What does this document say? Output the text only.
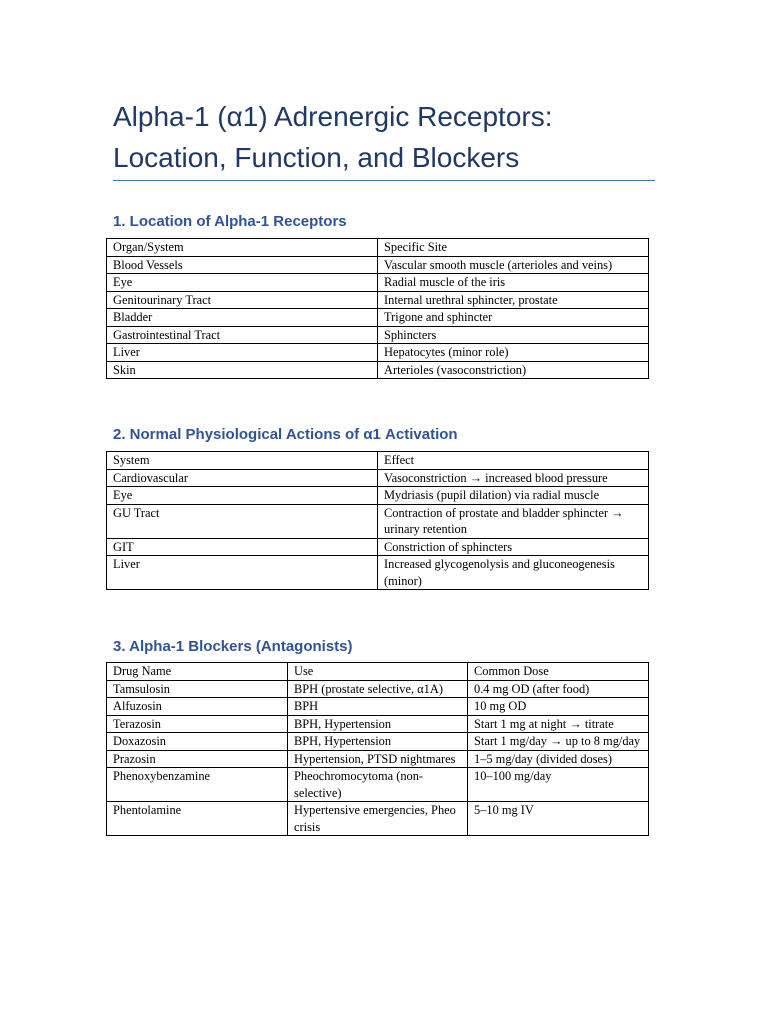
Alpha-1 (α1) Adrenergic Receptors:
Location, Function, and Blockers
1. Location of Alpha-1 Receptors
Organ/System	Specific Site
Blood Vessels	Vascular smooth muscle (arterioles and veins)
Eye	Radial muscle of the iris
Genitourinary Tract	Internal urethral sphincter, prostate
Bladder	Trigone and sphincter
Gastrointestinal Tract	Sphincters
Liver	Hepatocytes (minor role)
Skin	Arterioles (vasoconstriction)
2. Normal Physiological Actions of α1 Activation
System	Effect
Cardiovascular	Vasoconstriction → increased blood pressure
Eye	Mydriasis (pupil dilation) via radial muscle
GU Tract	Contraction of prostate and bladder sphincter → urinary retention
GIT	Constriction of sphincters
Liver	Increased glycogenolysis and gluconeogenesis (minor)
3. Alpha-1 Blockers (Antagonists)
Drug Name	Use	Common Dose
Tamsulosin	BPH (prostate selective, α1A)	0.4 mg OD (after food)
Alfuzosin	BPH	10 mg OD
Terazosin	BPH, Hypertension	Start 1 mg at night → titrate
Doxazosin	BPH, Hypertension	Start 1 mg/day → up to 8 mg/day
Prazosin	Hypertension, PTSD nightmares	1–5 mg/day (divided doses)
Phenoxybenzamine	Pheochromocytoma (non-selective)	10–100 mg/day
Phentolamine	Hypertensive emergencies, Pheo crisis	5–10 mg IV
